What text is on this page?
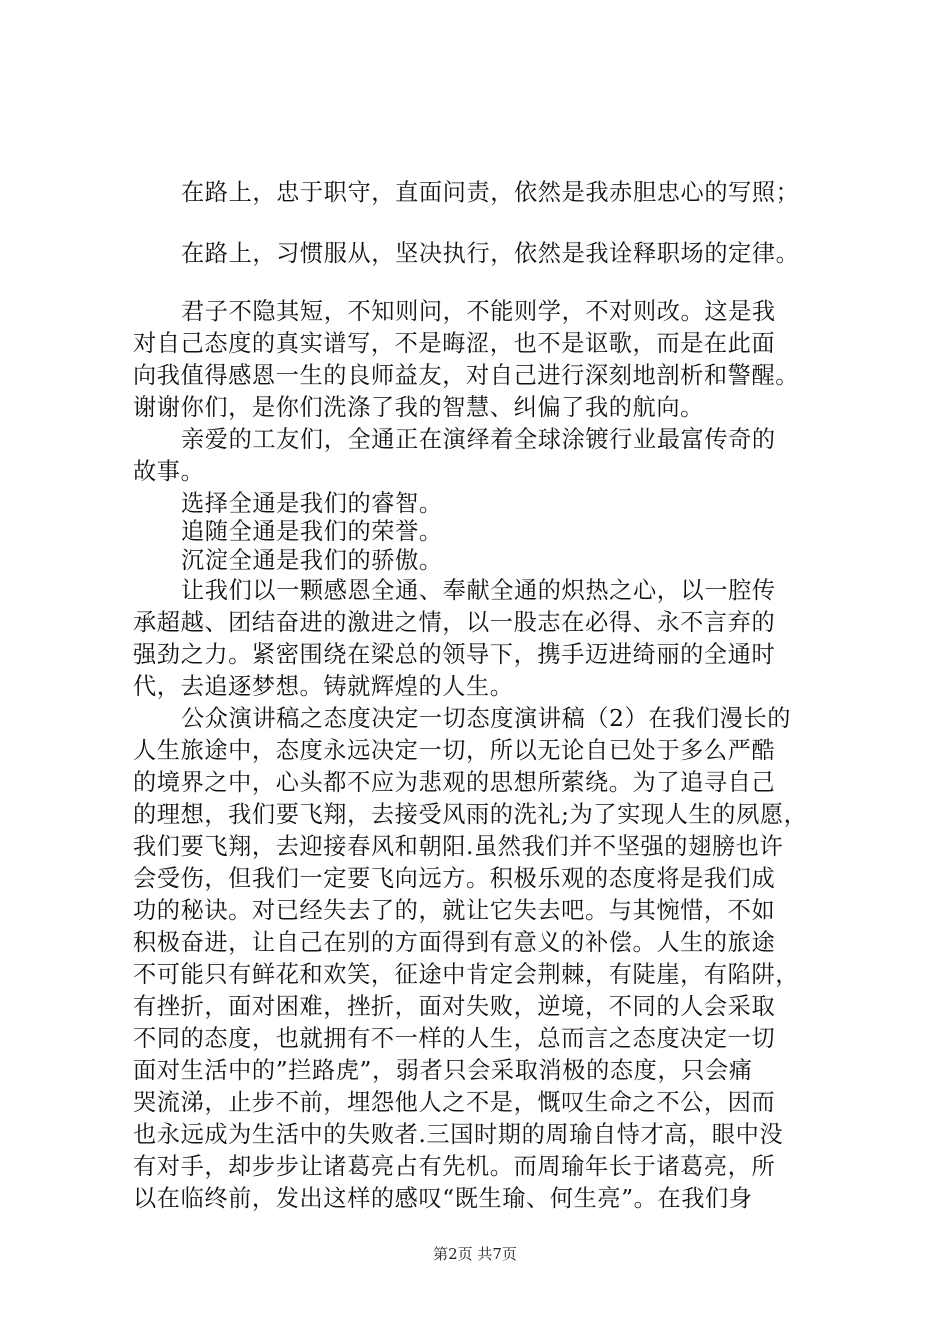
在路上，忠于职守，直面问责，依然是我赤胆忠心的写照；
在路上，习惯服从，坚决执行，依然是我诠释职场的定律。
君子不隐其短，不知则问，不能则学，不对则改。这是我
对自己态度的真实谱写，不是晦涩，也不是讴歌，而是在此面
向我值得感恩一生的良师益友，对自己进行深刻地剖析和警醒。
谢谢你们，是你们洗涤了我的智慧、纠偏了我的航向。
亲爱的工友们，全通正在演绎着全球涂镀行业最富传奇的
故事。
选择全通是我们的睿智。
追随全通是我们的荣誉。
沉淀全通是我们的骄傲。
让我们以一颗感恩全通、奉献全通的炽热之心，以一腔传
承超越、团结奋进的激进之情，以一股志在必得、永不言弃的
强劲之力。紧密围绕在梁总的领导下，携手迈进绮丽的全通时
代，去追逐梦想。铸就辉煌的人生。
公众演讲稿之态度决定一切态度演讲稿（2）在我们漫长的
人生旅途中，态度永远决定一切，所以无论自已处于多么严酷
的境界之中，心头都不应为悲观的思想所萦绕。为了追寻自己
的理想，我们要飞翔，去接受风雨的洗礼;为了实现人生的夙愿，
我们要飞翔，去迎接春风和朝阳.虽然我们并不坚强的翅膀也许
会受伤，但我们一定要飞向远方。积极乐观的态度将是我们成
功的秘诀。对已经失去了的，就让它失去吧。与其惋惜，不如
积极奋进，让自己在别的方面得到有意义的补偿。人生的旅途
不可能只有鲜花和欢笑，征途中肯定会荆棘，有陡崖，有陷阱，
有挫折，面对困难，挫折，面对失败，逆境，不同的人会采取
不同的态度，也就拥有不一样的人生，总而言之态度决定一切
面对生活中的”拦路虎”，弱者只会采取消极的态度，只会痛
哭流涕，止步不前，埋怨他人之不是，慨叹生命之不公，因而
也永远成为生活中的失败者.三国时期的周瑜自恃才高，眼中没
有对手，却步步让诸葛亮占有先机。而周瑜年长于诸葛亮，所
以在临终前，发出这样的感叹“既生瑜、何生亮”。在我们身
第2页 共7页
